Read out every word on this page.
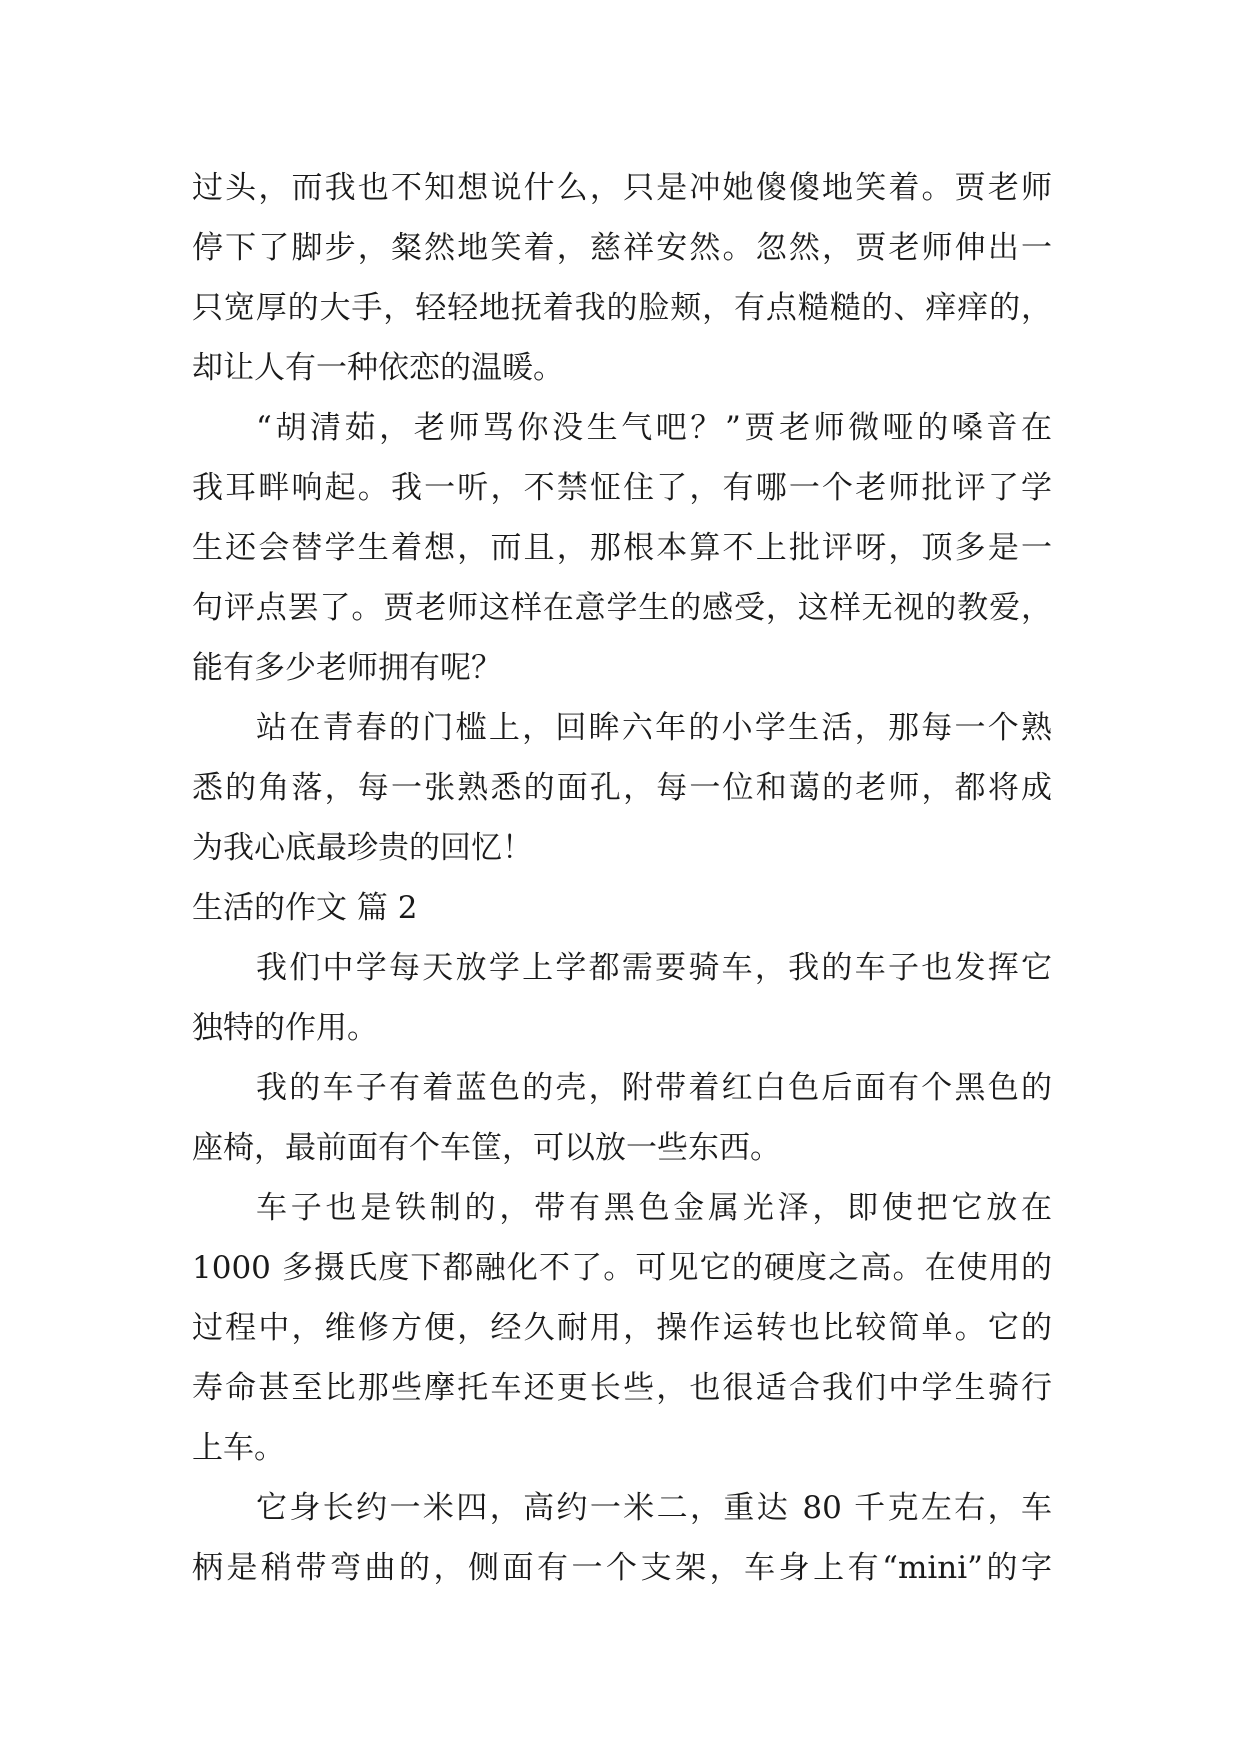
过头，而我也不知想说什么，只是冲她傻傻地笑着。贾老师
停下了脚步，粲然地笑着，慈祥安然。忽然，贾老师伸出一
只宽厚的大手，轻轻地抚着我的脸颊，有点糙糙的、痒痒的，
却让人有一种依恋的温暖。
“胡清茹，老师骂你没生气吧？”贾老师微哑的嗓音在
我耳畔响起。我一听，不禁怔住了，有哪一个老师批评了学
生还会替学生着想，而且，那根本算不上批评呀，顶多是一
句评点罢了。贾老师这样在意学生的感受，这样无视的教爱，
能有多少老师拥有呢？
站在青春的门槛上，回眸六年的小学生活，那每一个熟
悉的角落，每一张熟悉的面孔，每一位和蔼的老师，都将成
为我心底最珍贵的回忆！
生活的作文 篇 2
我们中学每天放学上学都需要骑车，我的车子也发挥它
独特的作用。
我的车子有着蓝色的壳，附带着红白色后面有个黑色的
座椅，最前面有个车筐，可以放一些东西。
车子也是铁制的，带有黑色金属光泽，即使把它放在
1000 多摄氏度下都融化不了。可见它的硬度之高。在使用的
过程中，维修方便，经久耐用，操作运转也比较简单。它的
寿命甚至比那些摩托车还更长些，也很适合我们中学生骑行
上车。
它身长约一米四，高约一米二，重达 80 千克左右，车
柄是稍带弯曲的，侧面有一个支架，车身上有“mini”的字
